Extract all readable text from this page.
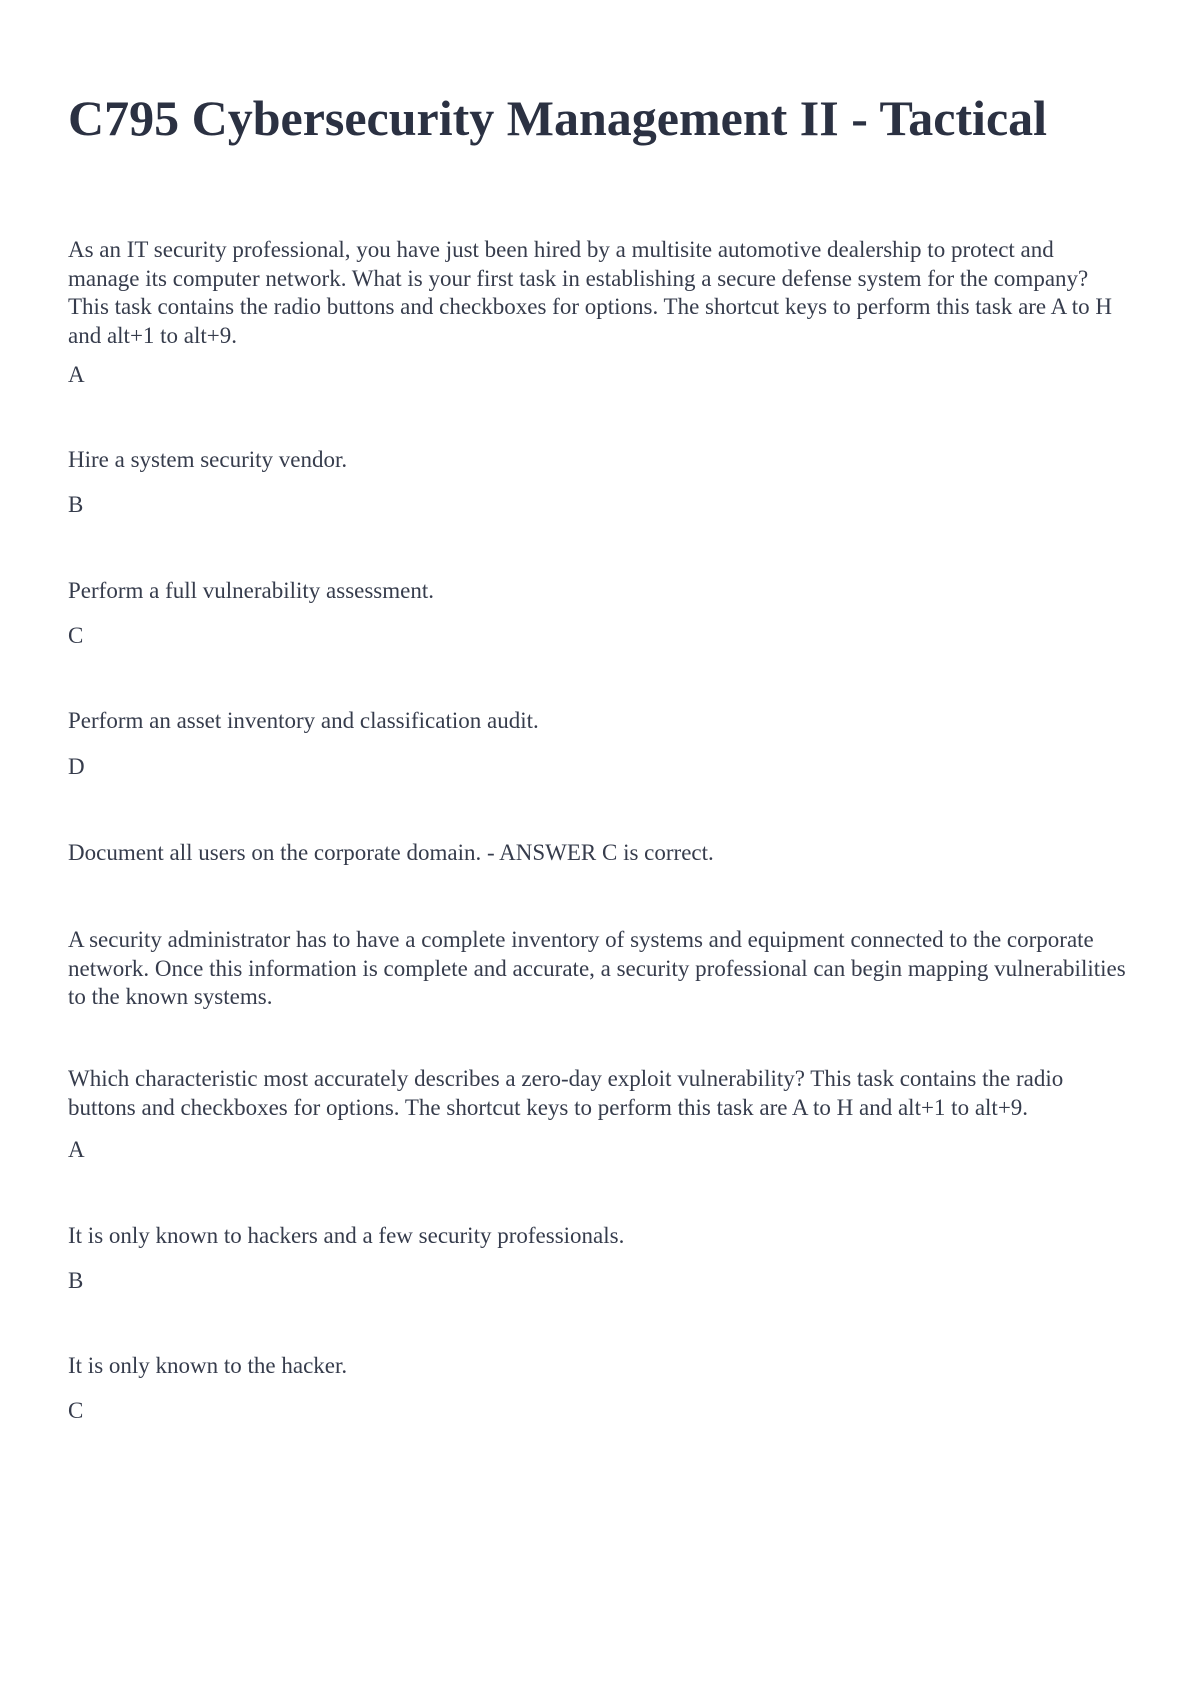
C795 Cybersecurity Management II - Tactical

As an IT security professional, you have just been hired by a multisite automotive dealership to protect and manage its computer network. What is your first task in establishing a secure defense system for the company? This task contains the radio buttons and checkboxes for options. The shortcut keys to perform this task are A to H and alt+1 to alt+9.

A

Hire a system security vendor.

B

Perform a full vulnerability assessment.

C

Perform an asset inventory and classification audit.

D

Document all users on the corporate domain. - ANSWER C is correct.

A security administrator has to have a complete inventory of systems and equipment connected to the corporate network. Once this information is complete and accurate, a security professional can begin mapping vulnerabilities to the known systems.

Which characteristic most accurately describes a zero-day exploit vulnerability? This task contains the radio buttons and checkboxes for options. The shortcut keys to perform this task are A to H and alt+1 to alt+9.

A

It is only known to hackers and a few security professionals.

B

It is only known to the hacker.

C
